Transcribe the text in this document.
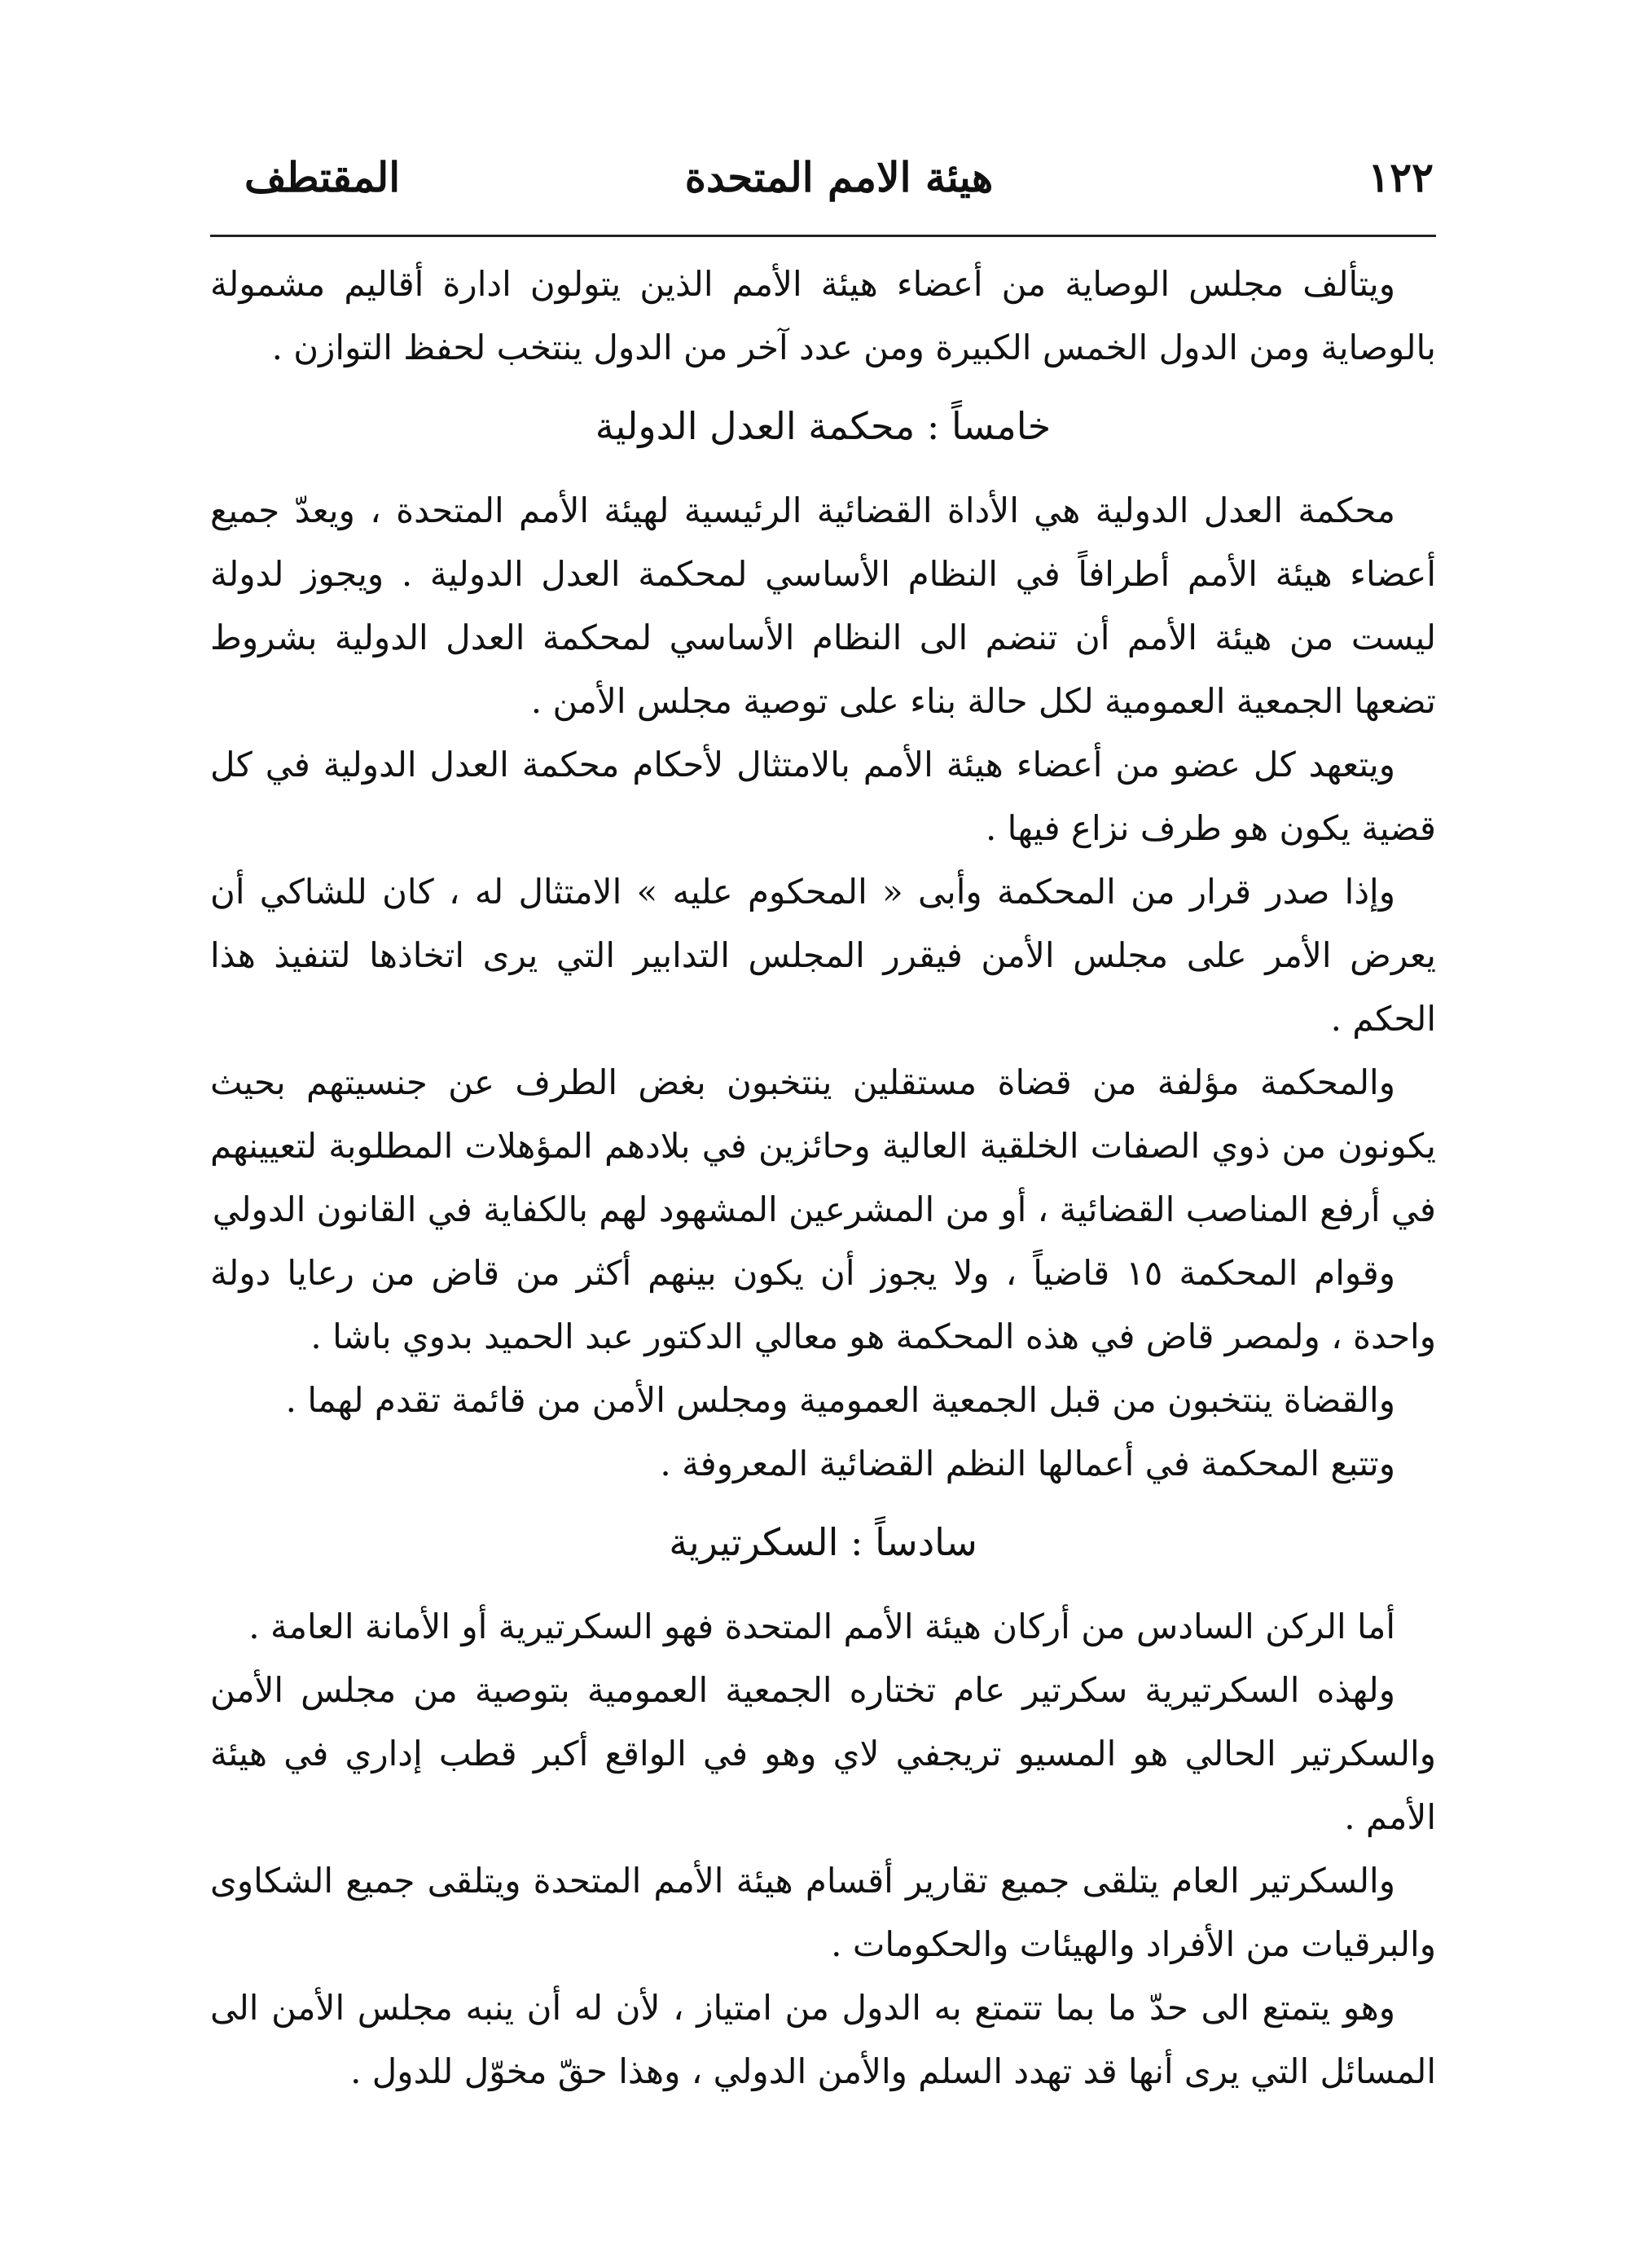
١٢٢
هيئة الامم المتحدة
المقتطف

ويتألف مجلس الوصاية من أعضاء هيئة الأمم الذين يتولون ادارة أقاليم مشمولة بالوصاية ومن الدول الخمس الكبيرة ومن عدد آخر من الدول ينتخب لحفظ التوازن .

خامساً : محكمة العدل الدولية

محكمة العدل الدولية هي الأداة القضائية الرئيسية لهيئة الأمم المتحدة ، ويعدّ جميع أعضاء هيئة الأمم أطرافاً في النظام الأساسي لمحكمة العدل الدولية . ويجوز لدولة ليست من هيئة الأمم أن تنضم الى النظام الأساسي لمحكمة العدل الدولية بشروط تضعها الجمعية العمومية لكل حالة بناء على توصية مجلس الأمن .

ويتعهد كل عضو من أعضاء هيئة الأمم بالامتثال لأحكام محكمة العدل الدولية في كل قضية يكون هو طرف نزاع فيها .

وإذا صدر قرار من المحكمة وأبى « المحكوم عليه » الامتثال له ، كان للشاكي أن يعرض الأمر على مجلس الأمن فيقرر المجلس التدابير التي يرى اتخاذها لتنفيذ هذا الحكم .

والمحكمة مؤلفة من قضاة مستقلين ينتخبون بغض الطرف عن جنسيتهم بحيث يكونون من ذوي الصفات الخلقية العالية وحائزين في بلادهم المؤهلات المطلوبة لتعيينهم في أرفع المناصب القضائية ، أو من المشرعين المشهود لهم بالكفاية في القانون الدولي

وقوام المحكمة ١٥ قاضياً ، ولا يجوز أن يكون بينهم أكثر من قاض من رعايا دولة واحدة ، ولمصر قاض في هذه المحكمة هو معالي الدكتور عبد الحميد بدوي باشا .

والقضاة ينتخبون من قبل الجمعية العمومية ومجلس الأمن من قائمة تقدم لهما .

وتتبع المحكمة في أعمالها النظم القضائية المعروفة .

سادساً : السكرتيرية

أما الركن السادس من أركان هيئة الأمم المتحدة فهو السكرتيرية أو الأمانة العامة .

ولهذه السكرتيرية سكرتير عام تختاره الجمعية العمومية بتوصية من مجلس الأمن والسكرتير الحالي هو المسيو تريجفي لاي وهو في الواقع أكبر قطب إداري في هيئة الأمم .

والسكرتير العام يتلقى جميع تقارير أقسام هيئة الأمم المتحدة ويتلقى جميع الشكاوى والبرقيات من الأفراد والهيئات والحكومات .

وهو يتمتع الى حدّ ما بما تتمتع به الدول من امتياز ، لأن له أن ينبه مجلس الأمن الى المسائل التي يرى أنها قد تهدد السلم والأمن الدولي ، وهذا حقّ مخوّل للدول .
